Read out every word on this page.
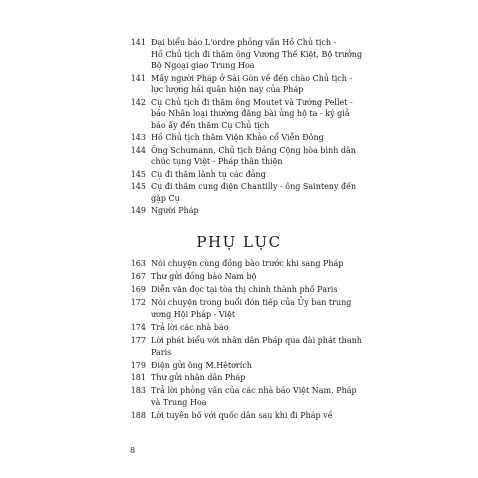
141 Đại biểu báo L'ordre phỏng vấn Hồ Chủ tịch -
Hồ Chủ tịch đi thăm ông Vương Thế Kiệt, Bộ trưởng
Bộ Ngoại giao Trung Hoa
141 Mấy người Pháp ở Sài Gòn về đến chào Chủ tịch -
lực lượng hải quân hiện nay của Pháp
142 Cụ Chủ tịch đi thăm ông Moutet và Tướng Pellet -
báo Nhân loại thường đăng bài ủng hộ ta - ký giả
báo ấy đến thăm Cụ Chủ tịch
143 Hồ Chủ tịch thăm Viện Khảo cổ Viễn Đông
144 Ông Schumann, Chủ tịch Đảng Cộng hòa bình dân
chúc tụng Việt - Pháp thân thiện
145 Cụ đi thăm lãnh tụ các đảng
145 Cụ đi thăm cung điện Chantilly - ông Sainteny đến
gặp Cụ
149 Người Pháp
PHỤ LỤC
163 Nói chuyện cùng đồng bào trước khi sang Pháp
167 Thư gửi đồng bào Nam bộ
169 Diễn văn đọc tại tòa thị chính thành phố Paris
172 Nói chuyện trong buổi đón tiếp của Ủy ban trung
ương Hội Pháp - Việt
174 Trả lời các nhà báo
177 Lời phát biểu với nhân dân Pháp qua đài phát thanh
Paris
179 Điện gửi ông M.Hêtơrích
181 Thư gửi nhân dân Pháp
183 Trả lời phỏng vấn của các nhà báo Việt Nam, Pháp
và Trung Hoa
188 Lời tuyên bố với quốc dân sau khi đi Pháp về
8
